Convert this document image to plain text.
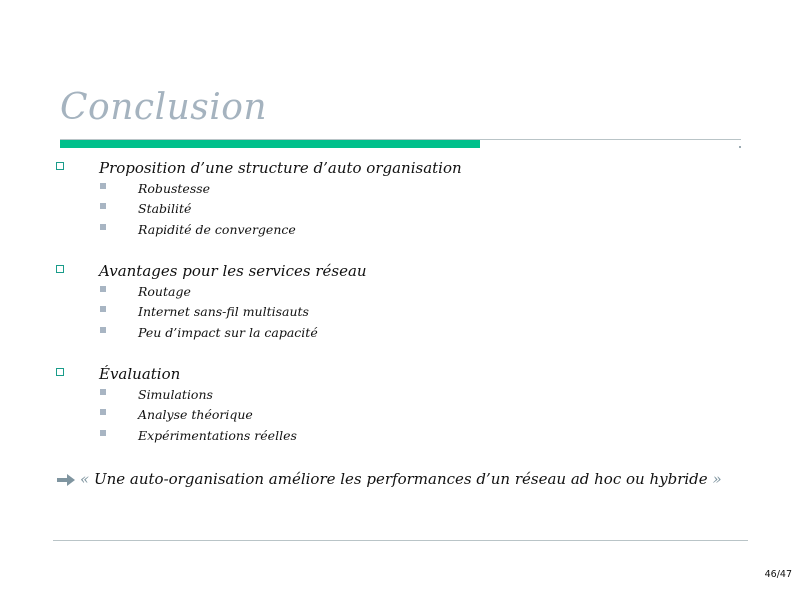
Conclusion
Proposition d’une structure d’auto organisation
Robustesse
Stabilité
Rapidité de convergence
Avantages pour les services réseau
Routage
Internet sans-fil multisauts
Peu d’impact sur la capacité
Évaluation
Simulations
Analyse théorique
Expérimentations réelles
« Une auto-organisation améliore les performances d’un réseau ad hoc ou hybride »
46/47
